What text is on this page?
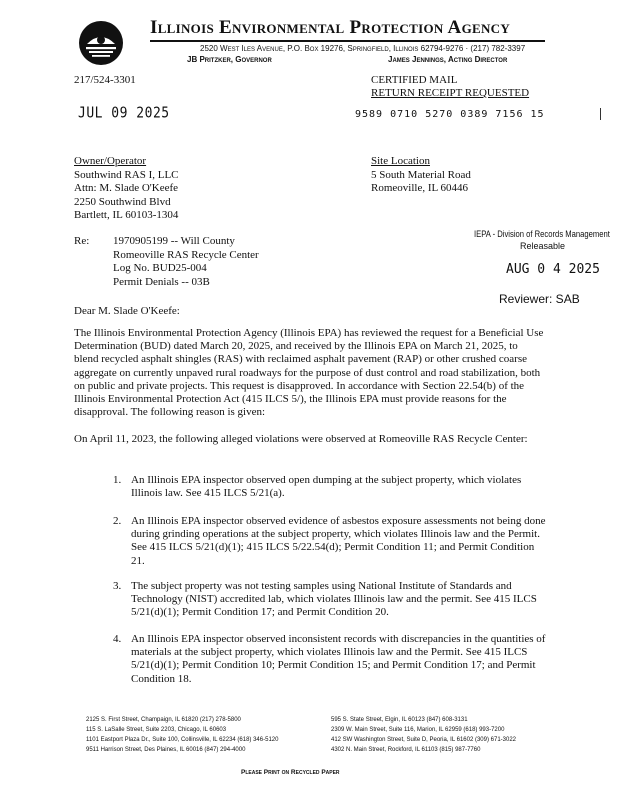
Illinois Environmental Protection Agency
2520 West Iles Avenue, P.O. Box 19276, Springfield, Illinois 62794-9276 · (217) 782-3397
JB Pritzker, Governor	James Jennings, Acting Director
217/524-3301	CERTIFIED MAIL
RETURN RECEIPT REQUESTED
JUL 09 2025	9589 0710 5270 0389 7156 15
Owner/Operator
Southwind RAS I, LLC
Attn: M. Slade O'Keefe
2250 Southwind Blvd
Bartlett, IL 60103-1304
Site Location
5 South Material Road
Romeoville, IL 60446
Re: 1970905199 -- Will County
Romeoville RAS Recycle Center
Log No. BUD25-004
Permit Denials -- 03B
IEPA - Division of Records Management
Releasable
AUG 0 4 2025
Reviewer: SAB
Dear M. Slade O'Keefe:
The Illinois Environmental Protection Agency (Illinois EPA) has reviewed the request for a Beneficial Use Determination (BUD) dated March 20, 2025, and received by the Illinois EPA on March 21, 2025, to blend recycled asphalt shingles (RAS) with reclaimed asphalt pavement (RAP) or other crushed coarse aggregate on currently unpaved rural roadways for the purpose of dust control and road stabilization, both on public and private projects. This request is disapproved. In accordance with Section 22.54(b) of the Illinois Environmental Protection Act (415 ILCS 5/), the Illinois EPA must provide reasons for the disapproval. The following reason is given:
On April 11, 2023, the following alleged violations were observed at Romeoville RAS Recycle Center:
1. An Illinois EPA inspector observed open dumping at the subject property, which violates Illinois law. See 415 ILCS 5/21(a).
2. An Illinois EPA inspector observed evidence of asbestos exposure assessments not being done during grinding operations at the subject property, which violates Illinois law and the Permit. See 415 ILCS 5/21(d)(1); 415 ILCS 5/22.54(d); Permit Condition 11; and Permit Condition 21.
3. The subject property was not testing samples using National Institute of Standards and Technology (NIST) accredited lab, which violates Illinois law and the permit. See 415 ILCS 5/21(d)(1); Permit Condition 17; and Permit Condition 20.
4. An Illinois EPA inspector observed inconsistent records with discrepancies in the quantities of materials at the subject property, which violates Illinois law and the Permit. See 415 ILCS 5/21(d)(1); Permit Condition 10; Permit Condition 15; and Permit Condition 17; and Permit Condition 18.
2125 S. First Street, Champaign, IL 61820 (217) 278-5800
115 S. LaSalle Street, Suite 2203, Chicago, IL 60603
1101 Eastport Plaza Dr., Suite 100, Collinsville, IL 62234 (618) 346-5120
9511 Harrison Street, Des Plaines, IL 60016 (847) 294-4000
595 S. State Street, Elgin, IL 60123 (847) 608-3131
2309 W. Main Street, Suite 116, Marion, IL 62959 (618) 993-7200
412 SW Washington Street, Suite D, Peoria, IL 61602 (309) 671-3022
4302 N. Main Street, Rockford, IL 61103 (815) 987-7760
Please Print on Recycled Paper
